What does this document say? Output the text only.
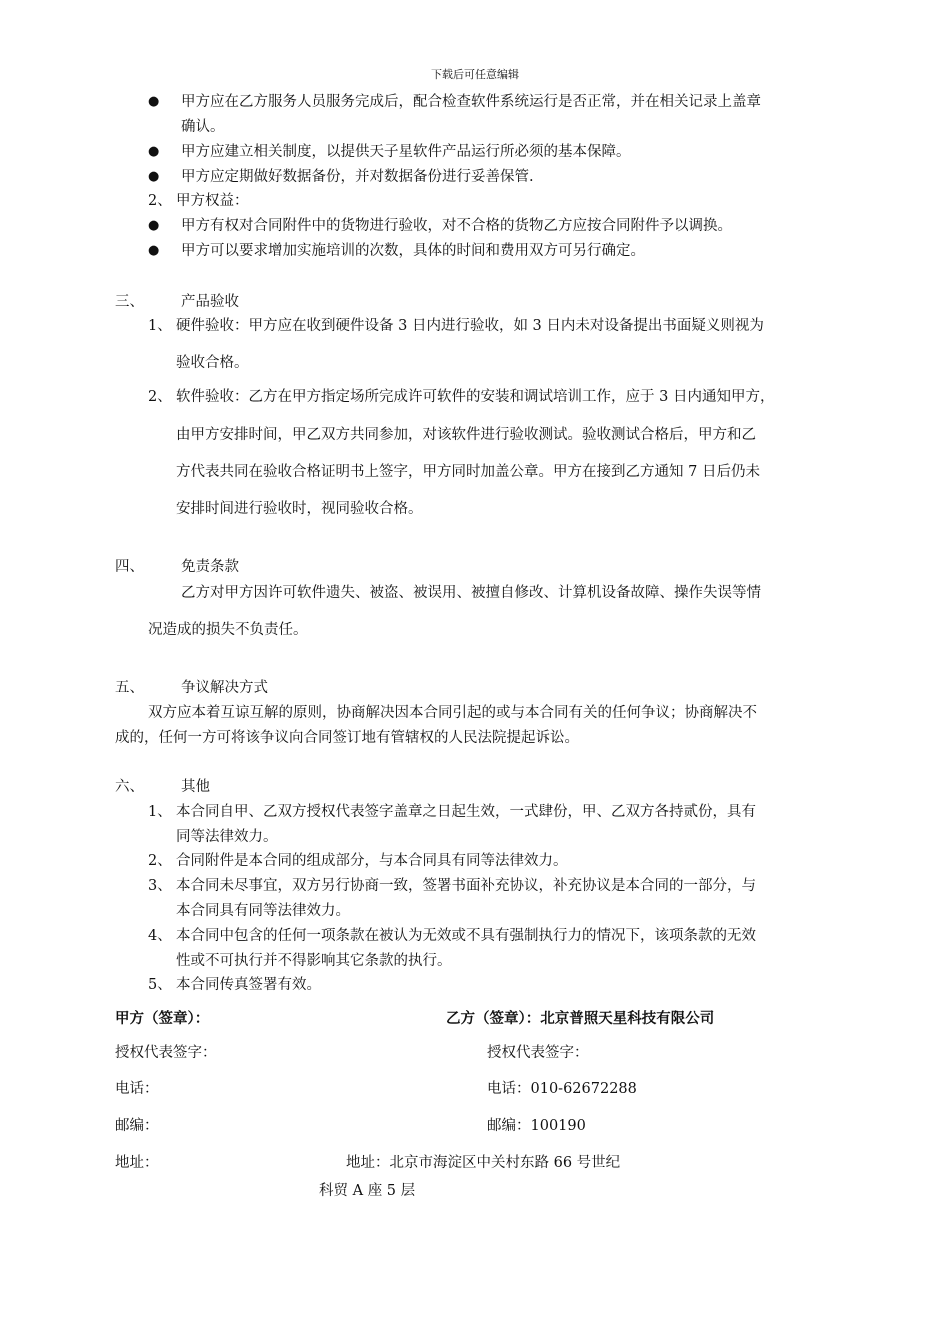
下载后可任意编辑
● 甲方应在乙方服务人员服务完成后，配合检查软件系统运行是否正常，并在相关记录上盖章
确认。
● 甲方应建立相关制度，以提供天子星软件产品运行所必须的基本保障。
● 甲方应定期做好数据备份，并对数据备份进行妥善保管.
2、 甲方权益：
● 甲方有权对合同附件中的货物进行验收，对不合格的货物乙方应按合同附件予以调换。
● 甲方可以要求增加实施培训的次数，具体的时间和费用双方可另行确定。
三、	产品验收
1、 硬件验收：甲方应在收到硬件设备 3 日内进行验收，如 3 日内未对设备提出书面疑义则视为
验收合格。
2、 软件验收：乙方在甲方指定场所完成许可软件的安装和调试培训工作，应于 3 日内通知甲方，
由甲方安排时间，甲乙双方共同参加，对该软件进行验收测试。验收测试合格后，甲方和乙
方代表共同在验收合格证明书上签字，甲方同时加盖公章。甲方在接到乙方通知 7 日后仍未
安排时间进行验收时，视同验收合格。
四、	免责条款
乙方对甲方因许可软件遗失、被盗、被误用、被擅自修改、计算机设备故障、操作失误等情
况造成的损失不负责任。
五、	争议解决方式
双方应本着互谅互解的原则，协商解决因本合同引起的或与本合同有关的任何争议；协商解决不
成的，任何一方可将该争议向合同签订地有管辖权的人民法院提起诉讼。
六、	其他
1、 本合同自甲、乙双方授权代表签字盖章之日起生效，一式肆份，甲、乙双方各持贰份，具有
同等法律效力。
2、 合同附件是本合同的组成部分，与本合同具有同等法律效力。
3、 本合同未尽事宜，双方另行协商一致，签署书面补充协议，补充协议是本合同的一部分，与
本合同具有同等法律效力。
4、 本合同中包含的任何一项条款在被认为无效或不具有强制执行力的情况下，该项条款的无效
性或不可执行并不得影响其它条款的执行。
5、 本合同传真签署有效。
甲方（签章）：	乙方（签章）：北京普照天星科技有限公司
授权代表签字：	授权代表签字：
电话：	电话：010-62672288
邮编：	邮编：100190
地址：	地址：北京市海淀区中关村东路 66 号世纪
科贸 A 座 5 层
